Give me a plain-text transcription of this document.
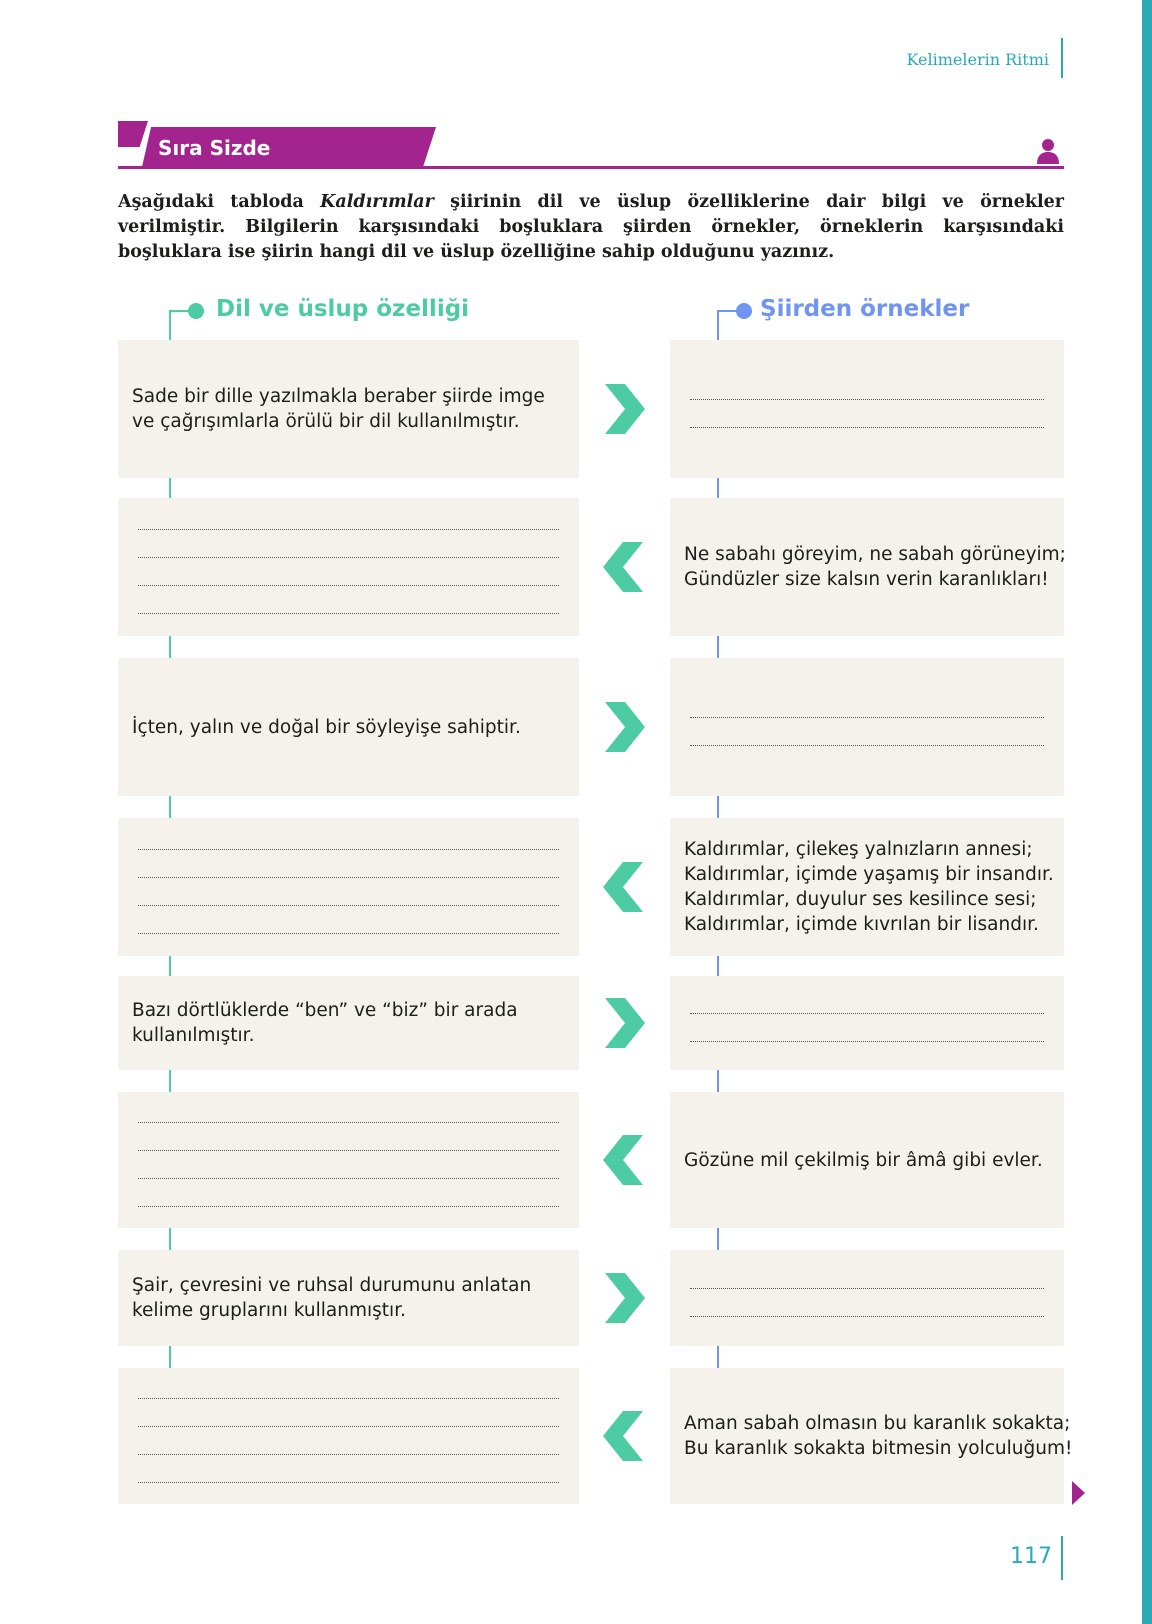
Kelimelerin Ritmi
Sıra Sizde

Aşağıdaki tabloda Kaldırımlar şiirinin dil ve üslup özelliklerine dair bilgi ve örnekler verilmiştir. Bilgilerin karşısındaki boşluklara şiirden örnekler, örneklerin karşısındaki boşluklara ise şiirin hangi dil ve üslup özelliğine sahip olduğunu yazınız.

Dil ve üslup özelliği	Şiirden örnekler
Sade bir dille yazılmakla beraber şiirde imge
ve çağrışımlarla örülü bir dil kullanılmıştır.
Ne sabahı göreyim, ne sabah görüneyim;
Gündüzler size kalsın verin karanlıkları!
İçten, yalın ve doğal bir söyleyişe sahiptir.
Kaldırımlar, çilekeş yalnızların annesi;
Kaldırımlar, içimde yaşamış bir insandır.
Kaldırımlar, duyulur ses kesilince sesi;
Kaldırımlar, içimde kıvrılan bir lisandır.
Bazı dörtlüklerde “ben” ve “biz” bir arada
kullanılmıştır.
Gözüne mil çekilmiş bir âmâ gibi evler.
Şair, çevresini ve ruhsal durumunu anlatan
kelime gruplarını kullanmıştır.
Aman sabah olmasın bu karanlık sokakta;
Bu karanlık sokakta bitmesin yolculuğum!
117
